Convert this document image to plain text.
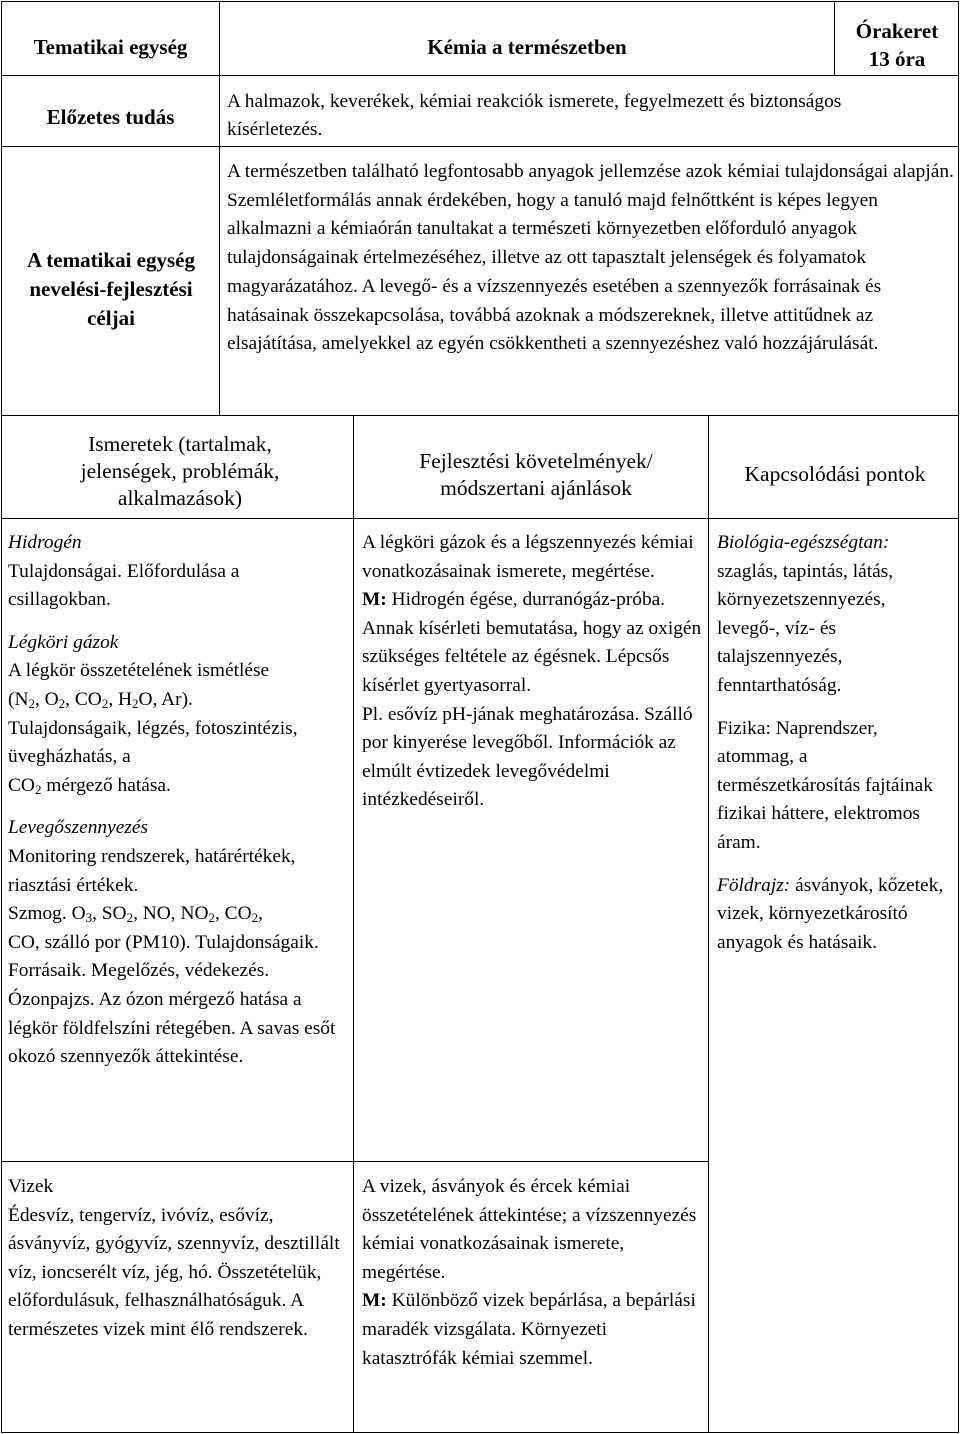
Tematikai egység	Kémia a természetben
Órakeret
13 óra
Előzetes tudás
A halmazok, keverékek, kémiai reakciók ismerete, fegyelmezett és biztonságos kísérletezés.
A tematikai egység nevelési-fejlesztési céljai
A természetben található legfontosabb anyagok jellemzése azok kémiai tulajdonságai alapján. Szemléletformálás annak érdekében, hogy a tanuló majd felnőttként is képes legyen alkalmazni a kémiaórán tanultakat a természeti környezetben előforduló anyagok tulajdonságainak értelmezéséhez, illetve az ott tapasztalt jelenségek és folyamatok magyarázatához. A levegő- és a vízszennyezés esetében a szennyezők forrásainak és hatásainak összekapcsolása, továbbá azoknak a módszereknek, illetve attitűdnek az elsajátítása, amelyekkel az egyén csökkentheti a szennyezéshez való hozzájárulását.
Ismeretek (tartalmak, jelenségek, problémák, alkalmazások)
Fejlesztési követelmények/ módszertani ajánlások
Kapcsolódási pontok

Hidrogén

Tulajdonságai. Előfordulása a csillagokban.

Légköri gázok

A légkör összetételének ismétlése

($N_2$, $O_2$, $CO_2$, $H_2O$, Ar).

Tulajdonságaik, légzés, fotoszintézis, üvegházhatás, a

$CO_2$ mérgező hatása.

Levegőszennyezés

Monitoring rendszerek, határértékek, riasztási értékek.

Szmog. $O_3$, $SO_2$, NO, $NO_2$, $CO_2$,

CO, szálló por (PM10). Tulajdonságaik. Forrásaik. Megelőzés, védekezés. Ózonpajzs. Az ózon mérgező hatása a légkör földfelszíni rétegében. A savas esőt okozó szennyezők áttekintése.

Vizek

Édesvíz, tengervíz, ivóvíz, esővíz, ásványvíz, gyógyvíz, szennyvíz, desztillált víz, ioncserélt víz, jég, hó. Összetételük, előfordulásuk, felhasználhatóságuk. A természetes vizek mint élő rendszerek.

A légköri gázok és a légszennyezés kémiai vonatkozásainak ismerete, megértése.

M: Hidrogén égése, durranógáz-próba.

Annak kísérleti bemutatása, hogy az oxigén szükséges feltétele az égésnek. Lépcsős kísérlet gyertyasorral.

Pl. esővíz pH-jának meghatározása. Szálló por kinyerése levegőből. Információk az elmúlt évtizedek levegővédelmi intézkedéseiről.

A vizek, ásványok és ércek kémiai összetételének áttekintése; a vízszennyezés kémiai vonatkozásainak ismerete, megértése.

M: Különböző vizek bepárlása, a bepárlási maradék vizsgálata. Környezeti katasztrófák kémiai szemmel.

Biológia-egészségtan: szaglás, tapintás, látás, környezetszennyezés, levegő-, víz- és talajszennyezés, fenntarthatóság.

Fizika: Naprendszer, atommag, a természetkárosítás fajtáinak fizikai háttere, elektromos áram.

Földrajz: ásványok, kőzetek, vizek, környezetkárosító anyagok és hatásaik.
